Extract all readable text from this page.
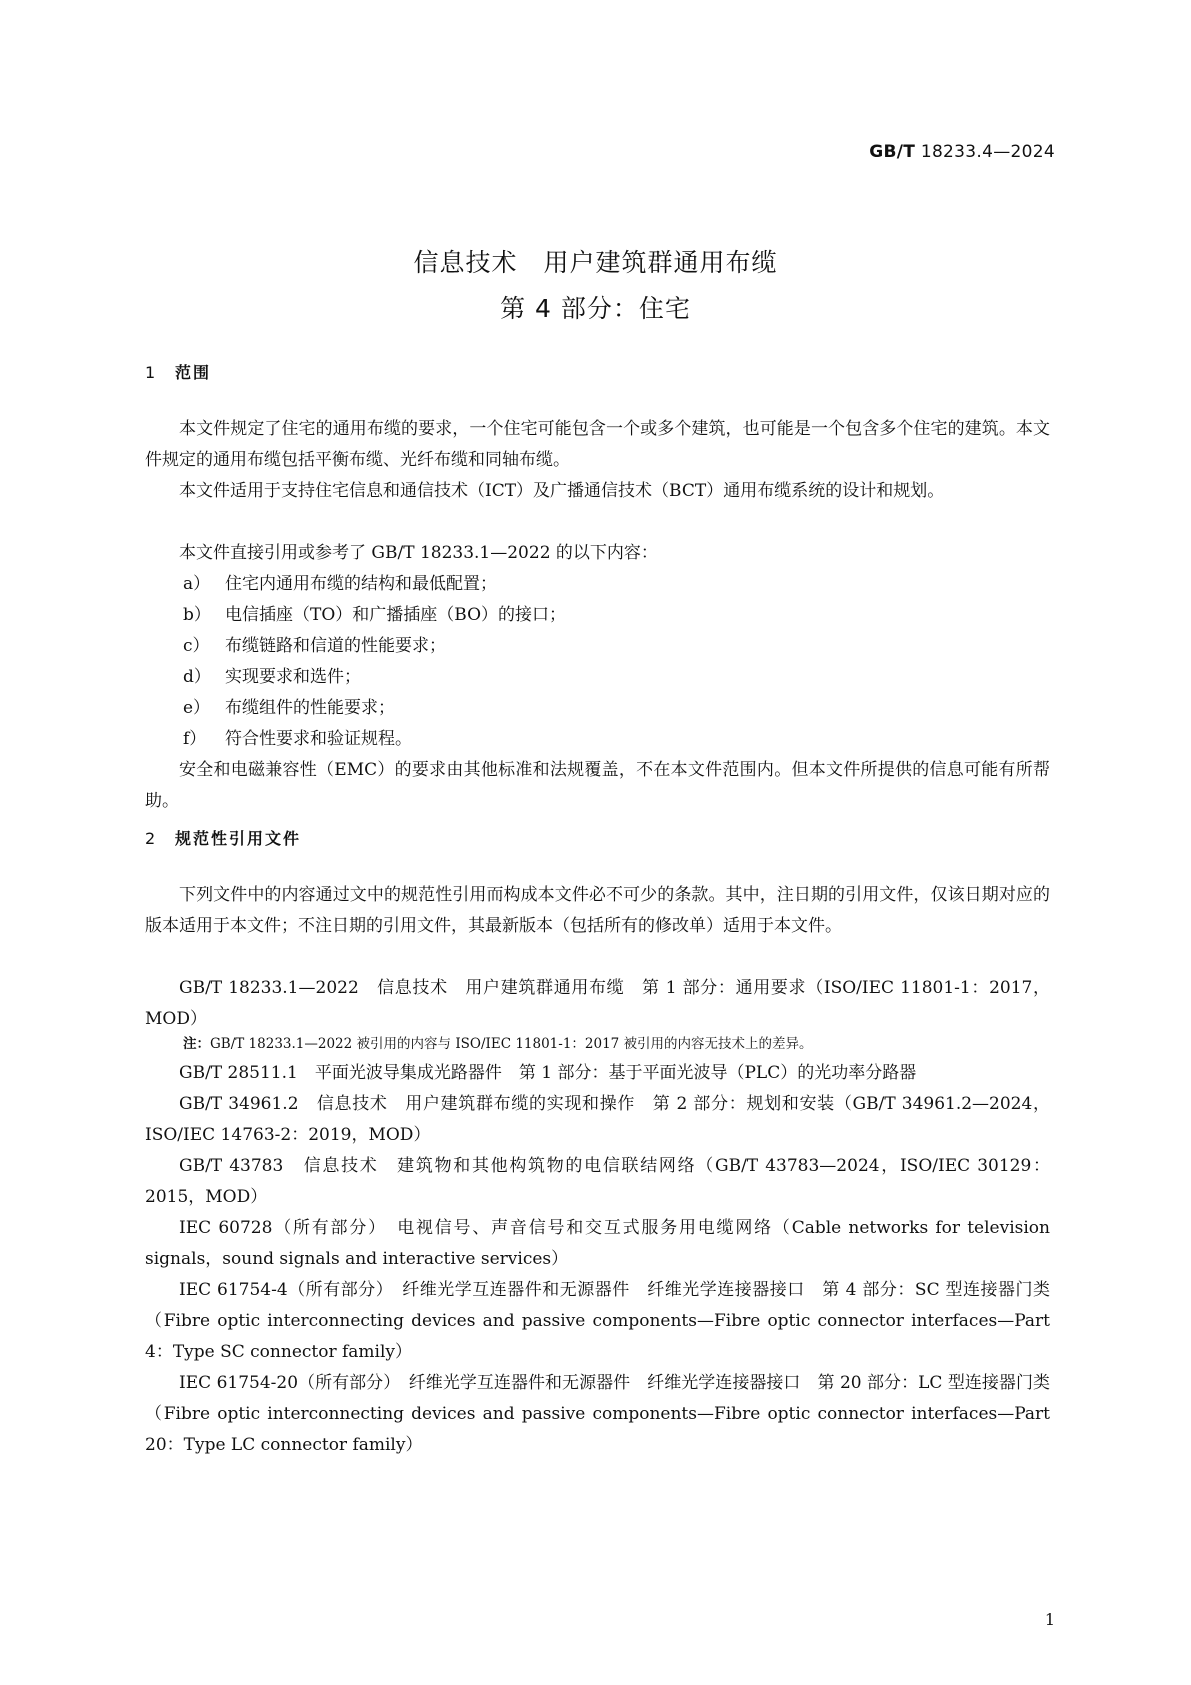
GB/T 18233.4—2024
信息技术　用户建筑群通用布缆
第 4 部分：住宅
1 范围
本文件规定了住宅的通用布缆的要求，一个住宅可能包含一个或多个建筑，也可能是一个包含多个住宅的建筑。本文件规定的通用布缆包括平衡布缆、光纤布缆和同轴布缆。
本文件适用于支持住宅信息和通信技术（ICT）及广播通信技术（BCT）通用布缆系统的设计和规划。
本文件直接引用或参考了 GB/T 18233.1—2022 的以下内容：
a） 住宅内通用布缆的结构和最低配置；
b） 电信插座（TO）和广播插座（BO）的接口；
c） 布缆链路和信道的性能要求；
d） 实现要求和选件；
e） 布缆组件的性能要求；
f） 符合性要求和验证规程。
安全和电磁兼容性（EMC）的要求由其他标准和法规覆盖，不在本文件范围内。但本文件所提供的信息可能有所帮助。
2 规范性引用文件
下列文件中的内容通过文中的规范性引用而构成本文件必不可少的条款。其中，注日期的引用文件，仅该日期对应的版本适用于本文件；不注日期的引用文件，其最新版本（包括所有的修改单）适用于本文件。
GB/T 18233.1—2022　信息技术　用户建筑群通用布缆　第 1 部分：通用要求（ISO/IEC 11801-1：2017，MOD）
注：GB/T 18233.1—2022 被引用的内容与 ISO/IEC 11801-1：2017 被引用的内容无技术上的差异。
GB/T 28511.1　平面光波导集成光路器件　第 1 部分：基于平面光波导（PLC）的光功率分路器
GB/T 34961.2　信息技术　用户建筑群布缆的实现和操作　第 2 部分：规划和安装（GB/T 34961.2—2024，ISO/IEC 14763-2：2019，MOD）
GB/T 43783　信息技术　建筑物和其他构筑物的电信联结网络（GB/T 43783—2024，ISO/IEC 30129：2015，MOD）
IEC 60728（所有部分）　电视信号、声音信号和交互式服务用电缆网络（Cable networks for television signals，sound signals and interactive services）
IEC 61754-4（所有部分）　纤维光学互连器件和无源器件　纤维光学连接器接口　第 4 部分：SC 型连接器门类（Fibre optic interconnecting devices and passive components—Fibre optic connector interfaces—Part 4：Type SC connector family）
IEC 61754-20（所有部分）　纤维光学互连器件和无源器件　纤维光学连接器接口　第 20 部分：LC 型连接器门类（Fibre optic interconnecting devices and passive components—Fibre optic connector interfaces—Part 20：Type LC connector family）
1
